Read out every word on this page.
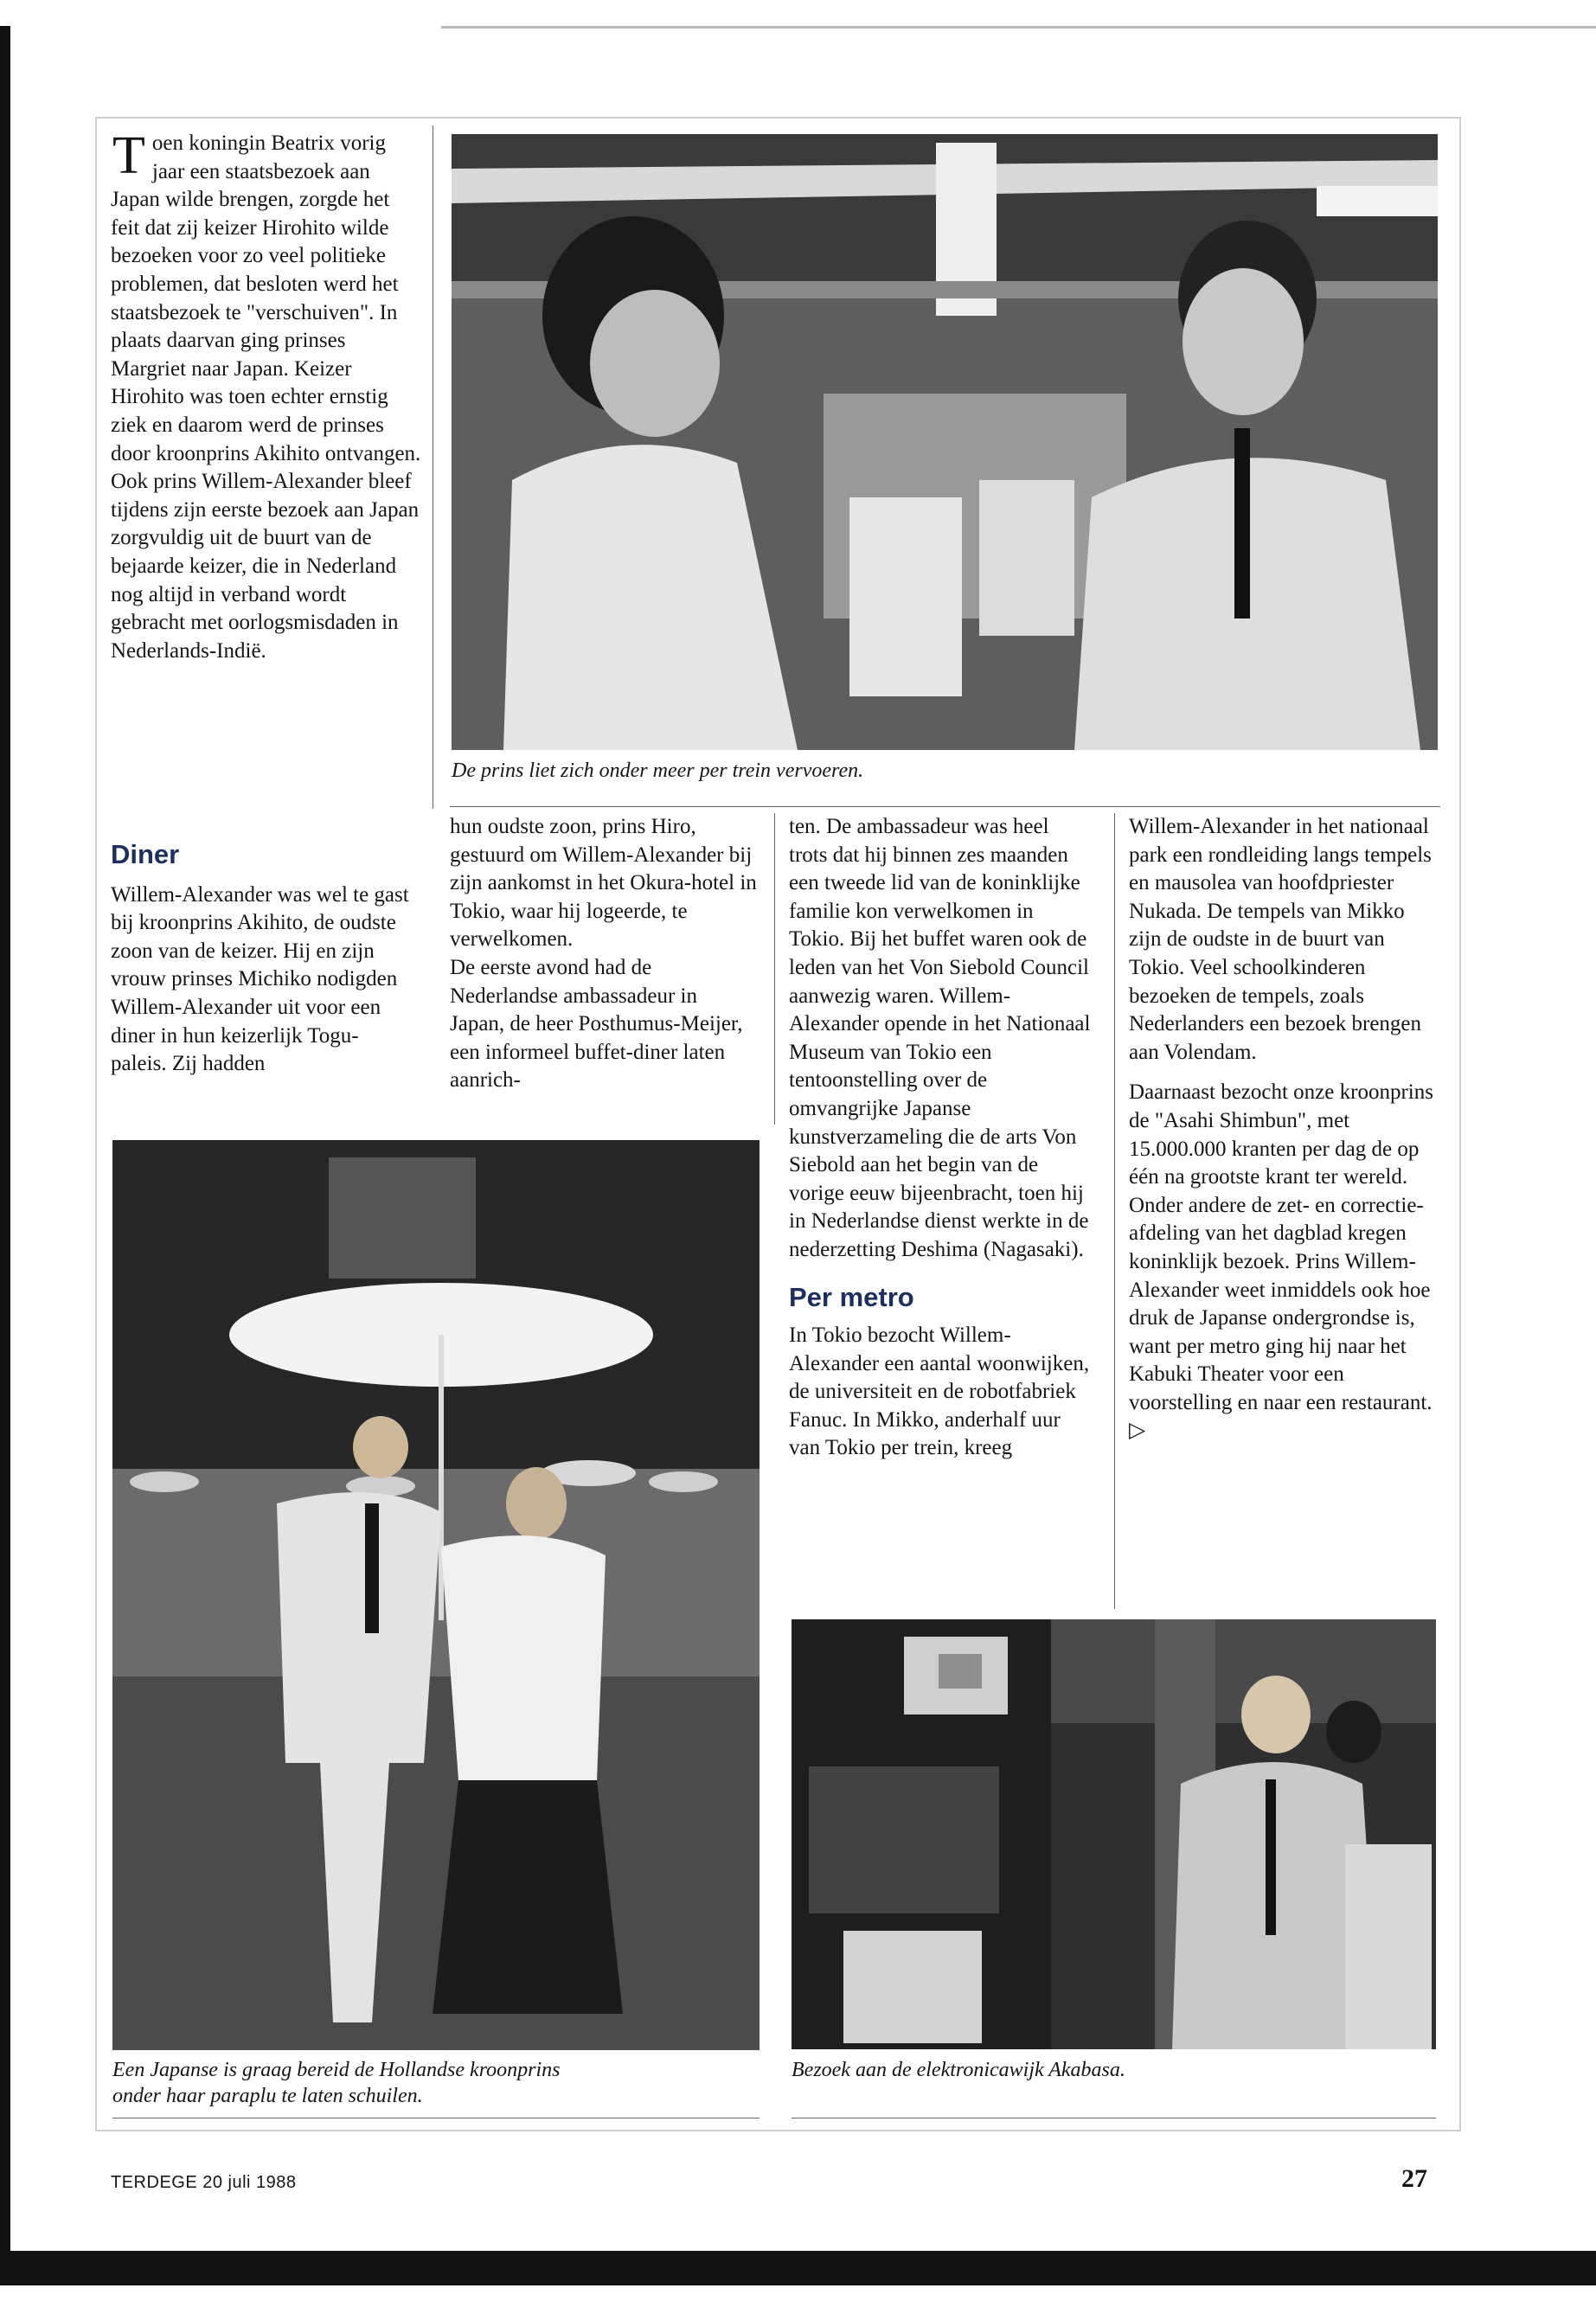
Toen koningin Beatrix vorig jaar een staatsbezoek aan Japan wilde brengen, zorgde het feit dat zij keizer Hirohito wilde bezoeken voor zo veel politieke problemen, dat besloten werd het staatsbezoek te "verschuiven". In plaats daarvan ging prinses Margriet naar Japan. Keizer Hirohito was toen echter ernstig ziek en daarom werd de prinses door kroonprins Akihito ontvangen. Ook prins Willem-Alexander bleef tijdens zijn eerste bezoek aan Japan zorgvuldig uit de buurt van de bejaarde keizer, die in Nederland nog altijd in verband wordt gebracht met oorlogsmisdaden in Nederlands-Indië.

Diner

Willem-Alexander was wel te gast bij kroonprins Akihito, de oudste zoon van de keizer. Hij en zijn vrouw prinses Michiko nodigden Willem-Alexander uit voor een diner in hun keizerlijk Togu-paleis. Zij hadden

hun oudste zoon, prins Hiro, gestuurd om Willem-Alexander bij zijn aankomst in het Okura-hotel in Tokio, waar hij logeerde, te verwelkomen.

De eerste avond had de Nederlandse ambassadeur in Japan, de heer Posthumus-Meijer, een informeel buffet-diner laten aanrich-

ten. De ambassadeur was heel trots dat hij binnen zes maanden een tweede lid van de koninklijke familie kon verwelkomen in Tokio. Bij het buffet waren ook de leden van het Von Siebold Council aanwezig waren. Willem-Alexander opende in het Nationaal Museum van Tokio een tentoonstelling over de omvangrijke Japanse kunstverzameling die de arts Von Siebold aan het begin van de vorige eeuw bijeenbracht, toen hij in Nederlandse dienst werkte in de nederzetting Deshima (Nagasaki).

Per metro

In Tokio bezocht Willem-Alexander een aantal woonwijken, de universiteit en de robotfabriek Fanuc. In Mikko, anderhalf uur van Tokio per trein, kreeg

Willem-Alexander in het nationaal park een rondleiding langs tempels en mausolea van hoofdpriester Nukada. De tempels van Mikko zijn de oudste in de buurt van Tokio. Veel schoolkinderen bezoeken de tempels, zoals Nederlanders een bezoek brengen aan Volendam.

Daarnaast bezocht onze kroonprins de "Asahi Shimbun", met 15.000.000 kranten per dag de op één na grootste krant ter wereld. Onder andere de zet- en correctie-afdeling van het dagblad kregen koninklijk bezoek. Prins Willem-Alexander weet inmiddels ook hoe druk de Japanse ondergrondse is, want per metro ging hij naar het Kabuki Theater voor een voorstelling en naar een restaurant. ▷

De prins liet zich onder meer per trein vervoeren.
Een Japanse is graag bereid de Hollandse kroonprins
onder haar paraplu te laten schuilen.
Bezoek aan de elektronicawijk Akabasa.
TERDEGE 20 juli 1988	27
